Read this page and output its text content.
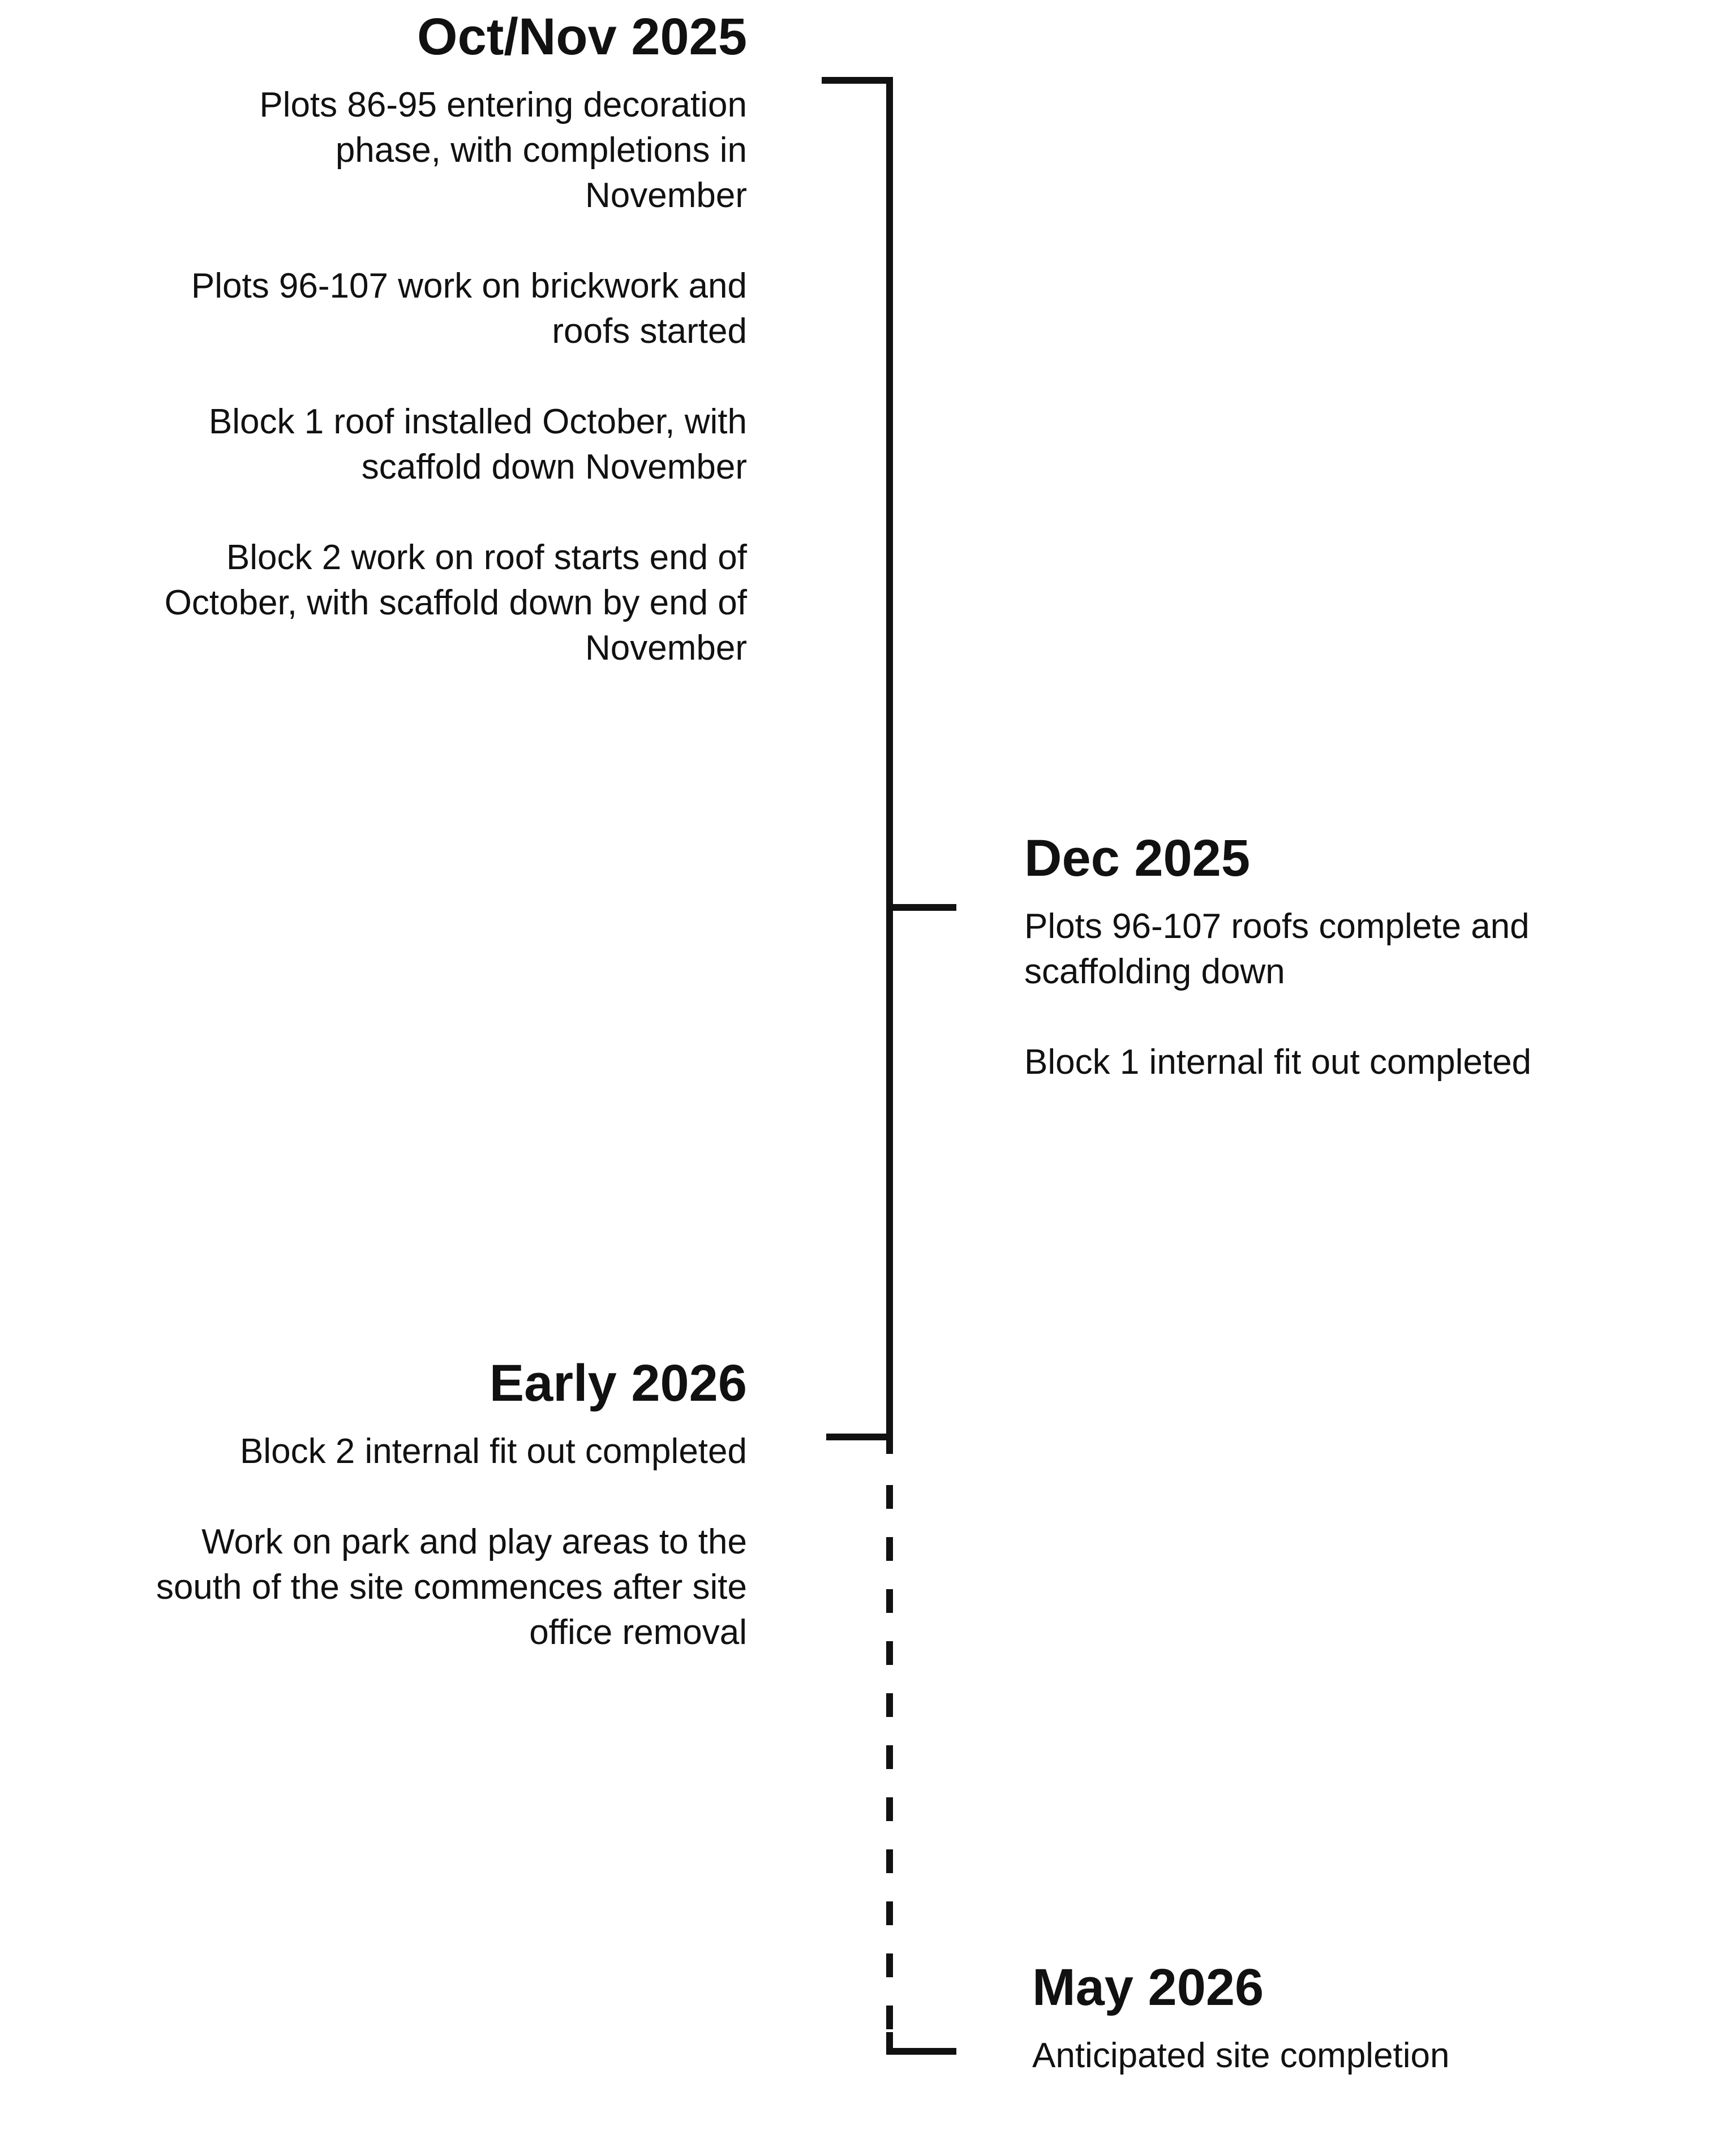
Oct/Nov 2025
Plots 86-95 entering decoration phase, with completions in November
Plots 96-107 work on brickwork and roofs started
Block 1 roof installed October, with scaffold down November
Block 2 work on roof starts end of October, with scaffold down by end of November
Dec 2025
Plots 96-107 roofs complete and scaffolding down
Block 1 internal fit out completed
Early 2026
Block 2 internal fit out completed
Work on park and play areas to the south of the site commences after site office removal
May 2026
Anticipated site completion
